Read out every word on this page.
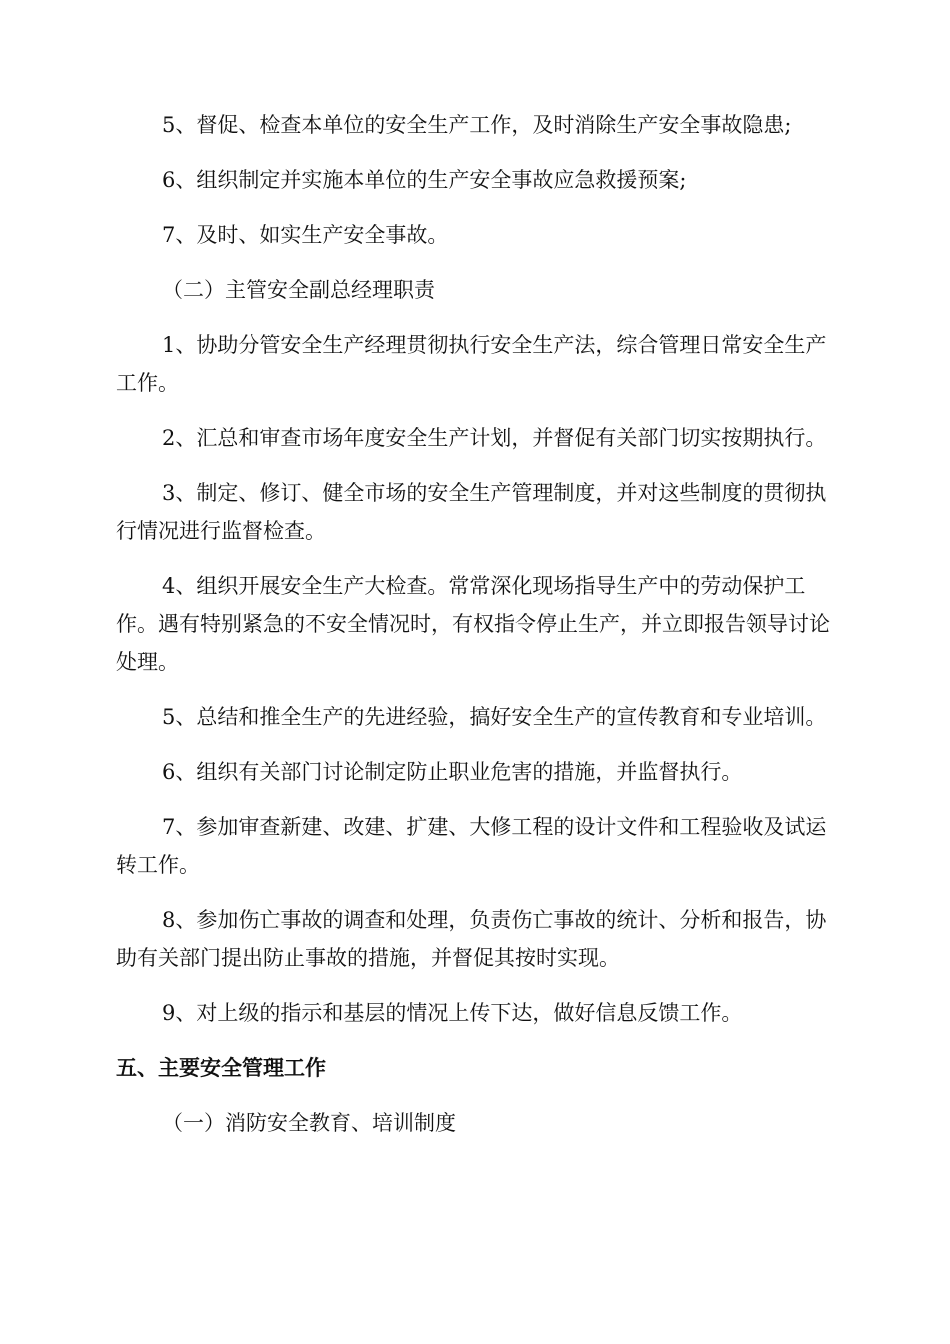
5、督促、检查本单位的安全生产工作，及时消除生产安全事故隐患;

6、组织制定并实施本单位的生产安全事故应急救援预案;

7、及时、如实生产安全事故。

（二）主管安全副总经理职责

1、协助分管安全生产经理贯彻执行安全生产法，综合管理日常安全生产工作。

2、汇总和审查市场年度安全生产计划，并督促有关部门切实按期执行。

3、制定、修订、健全市场的安全生产管理制度，并对这些制度的贯彻执行情况进行监督检查。

4、组织开展安全生产大检查。常常深化现场指导生产中的劳动保护工作。遇有特别紧急的不安全情况时，有权指令停止生产，并立即报告领导讨论处理。

5、总结和推全生产的先进经验，搞好安全生产的宣传教育和专业培训。

6、组织有关部门讨论制定防止职业危害的措施，并监督执行。

7、参加审查新建、改建、扩建、大修工程的设计文件和工程验收及试运转工作。

8、参加伤亡事故的调查和处理，负责伤亡事故的统计、分析和报告，协助有关部门提出防止事故的措施，并督促其按时实现。

9、对上级的指示和基层的情况上传下达，做好信息反馈工作。

五、主要安全管理工作

（一）消防安全教育、培训制度
